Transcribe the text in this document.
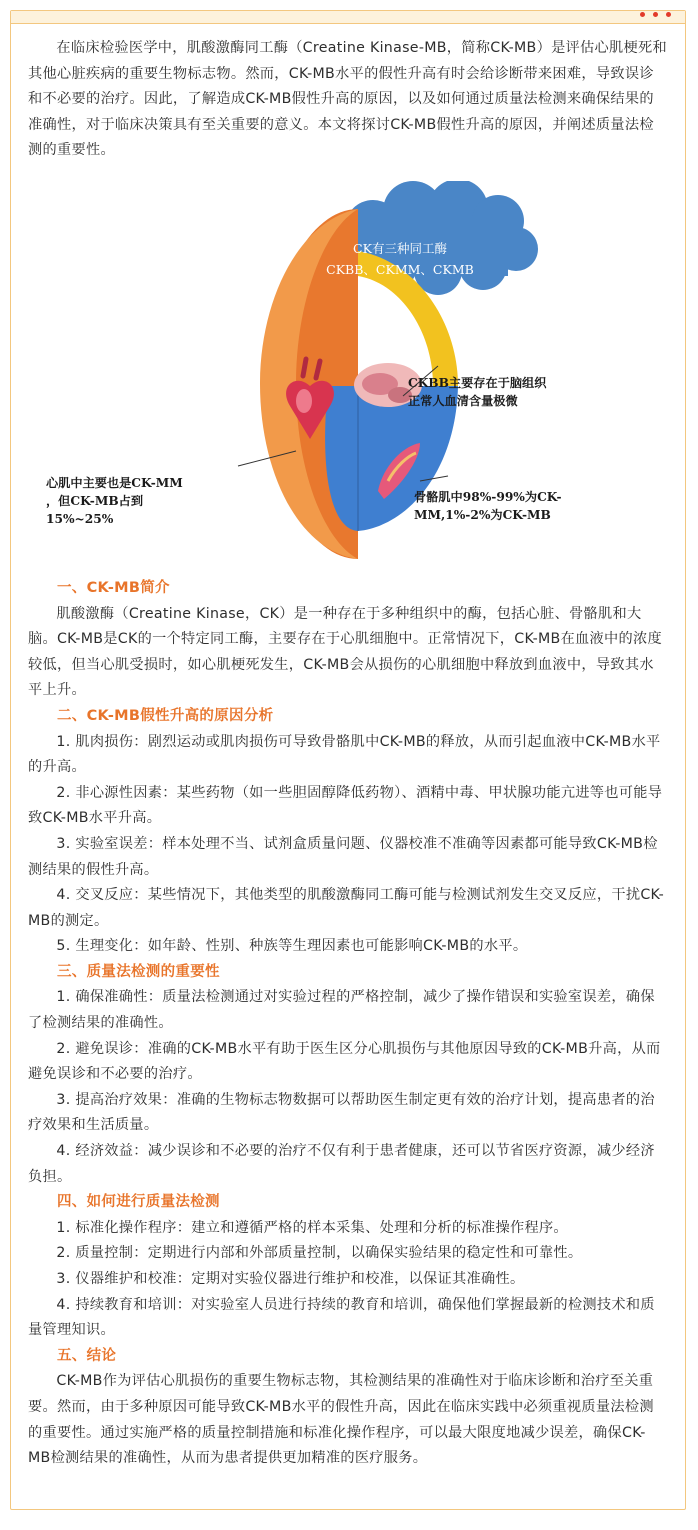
在临床检验医学中，肌酸激酶同工酶（Creatine Kinase-MB，简称CK-MB）是评估心肌梗死和其他心脏疾病的重要生物标志物。然而，CK-MB水平的假性升高有时会给诊断带来困难，导致误诊和不必要的治疗。因此，了解造成CK-MB假性升高的原因，以及如何通过质量法检测来确保结果的准确性，对于临床决策具有至关重要的意义。本文将探讨CK-MB假性升高的原因，并阐述质量法检测的重要性。

一、CK-MB简介

肌酸激酶（Creatine Kinase，CK）是一种存在于多种组织中的酶，包括心脏、骨骼肌和大脑。CK-MB是CK的一个特定同工酶，主要存在于心肌细胞中。正常情况下，CK-MB在血液中的浓度较低，但当心肌受损时，如心肌梗死发生，CK-MB会从损伤的心肌细胞中释放到血液中，导致其水平上升。

二、CK-MB假性升高的原因分析

1. 肌肉损伤：剧烈运动或肌肉损伤可导致骨骼肌中CK-MB的释放，从而引起血液中CK-MB水平的升高。

2. 非心源性因素：某些药物（如一些胆固醇降低药物）、酒精中毒、甲状腺功能亢进等也可能导致CK-MB水平升高。

3. 实验室误差：样本处理不当、试剂盒质量问题、仪器校准不准确等因素都可能导致CK-MB检测结果的假性升高。

4. 交叉反应：某些情况下，其他类型的肌酸激酶同工酶可能与检测试剂发生交叉反应，干扰CK-MB的测定。

5. 生理变化：如年龄、性别、种族等生理因素也可能影响CK-MB的水平。

三、质量法检测的重要性

1. 确保准确性：质量法检测通过对实验过程的严格控制，减少了操作错误和实验室误差，确保了检测结果的准确性。

2. 避免误诊：准确的CK-MB水平有助于医生区分心肌损伤与其他原因导致的CK-MB升高，从而避免误诊和不必要的治疗。

3. 提高治疗效果：准确的生物标志物数据可以帮助医生制定更有效的治疗计划，提高患者的治疗效果和生活质量。

4. 经济效益：减少误诊和不必要的治疗不仅有利于患者健康，还可以节省医疗资源，减少经济负担。

四、如何进行质量法检测

1. 标准化操作程序：建立和遵循严格的样本采集、处理和分析的标准操作程序。

2. 质量控制：定期进行内部和外部质量控制，以确保实验结果的稳定性和可靠性。

3. 仪器维护和校准：定期对实验仪器进行维护和校准，以保证其准确性。

4. 持续教育和培训：对实验室人员进行持续的教育和培训，确保他们掌握最新的检测技术和质量管理知识。

五、结论

CK-MB作为评估心肌损伤的重要生物标志物，其检测结果的准确性对于临床诊断和治疗至关重要。然而，由于多种原因可能导致CK-MB水平的假性升高，因此在临床实践中必须重视质量法检测的重要性。通过实施严格的质量控制措施和标准化操作程序，可以最大限度地减少误差，确保CK-MB检测结果的准确性，从而为患者提供更加精准的医疗服务。

CK有三种同工酶
CKBB、CKMM、CKMB
CKBB主要存在于脑组织
正常人血清含量极微
心肌中主要也是CK-MM
，但CK-MB占到
15%~25%
骨骼肌中98%-99%为CK-
MM,1%-2%为CK-MB
